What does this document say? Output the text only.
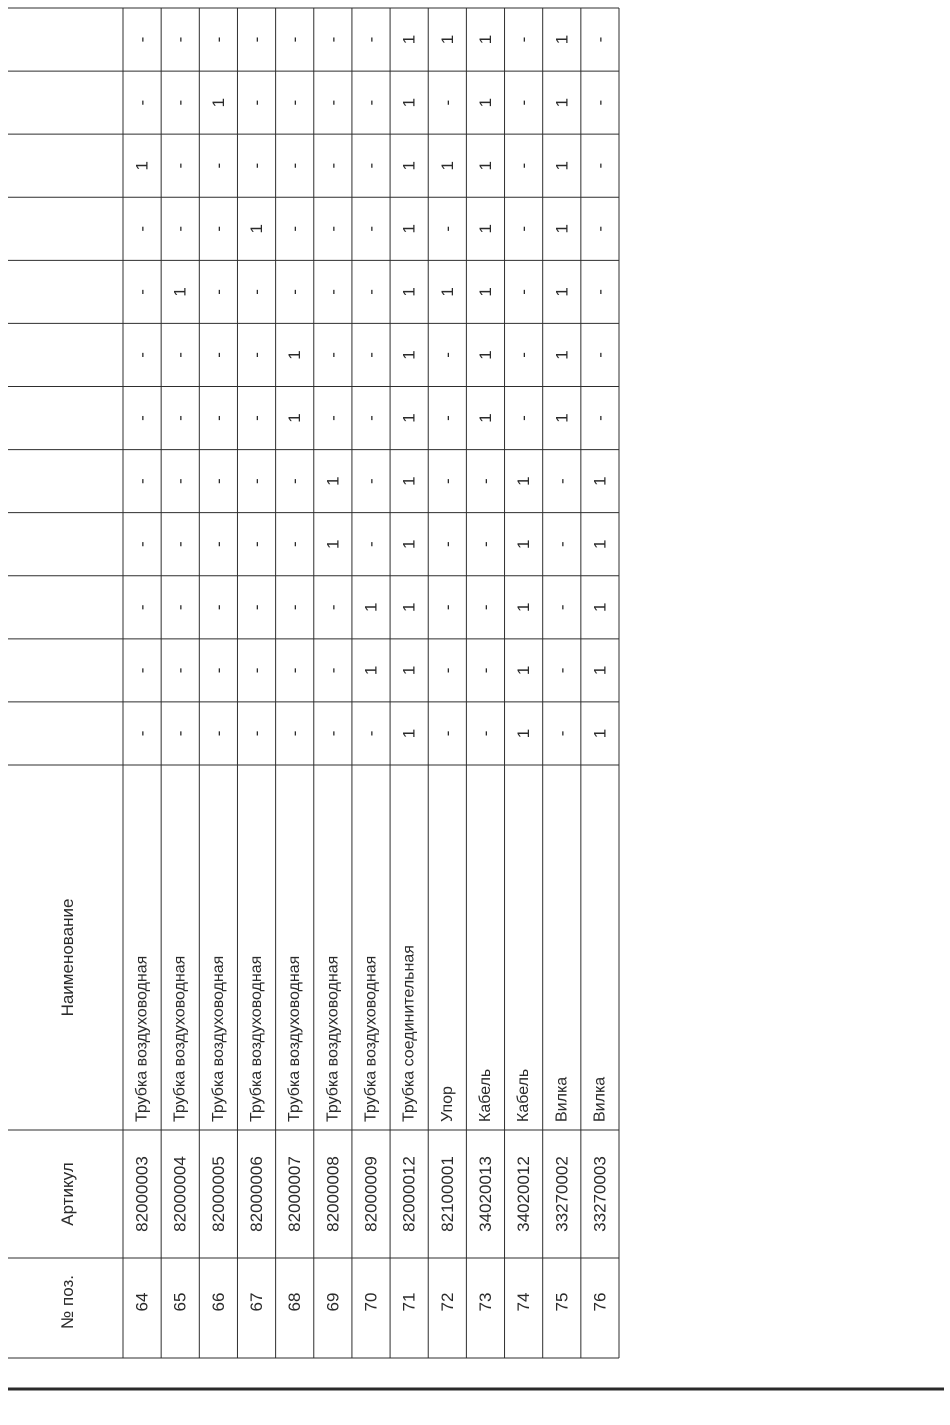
№ поз.
Артикул
Наименование
64
82000003
Трубка воздуховодная
-
-
1
-
-
-
-
-
-
-
-
-
65
82000004
Трубка воздуховодная
-
-
-
-
1
-
-
-
-
-
-
-
66
82000005
Трубка воздуховодная
-
1
-
-
-
-
-
-
-
-
-
-
67
82000006
Трубка воздуховодная
-
-
-
1
-
-
-
-
-
-
-
-
68
82000007
Трубка воздуховодная
-
-
-
-
-
1
1
-
-
-
-
-
69
82000008
Трубка воздуховодная
-
-
-
-
-
-
-
1
1
-
-
-
70
82000009
Трубка воздуховодная
-
-
-
-
-
-
-
-
-
1
1
-
71
82000012
Трубка соединительная
1
1
1
1
1
1
1
1
1
1
1
1
72
82100001
Упор
1
-
1
-
1
-
-
-
-
-
-
-
73
34020013
Кабель
1
1
1
1
1
1
1
-
-
-
-
-
74
34020012
Кабель
-
-
-
-
-
-
-
1
1
1
1
1
75
33270002
Вилка
1
1
1
1
1
1
1
-
-
-
-
-
76
33270003
Вилка
-
-
-
-
-
-
-
1
1
1
1
1
